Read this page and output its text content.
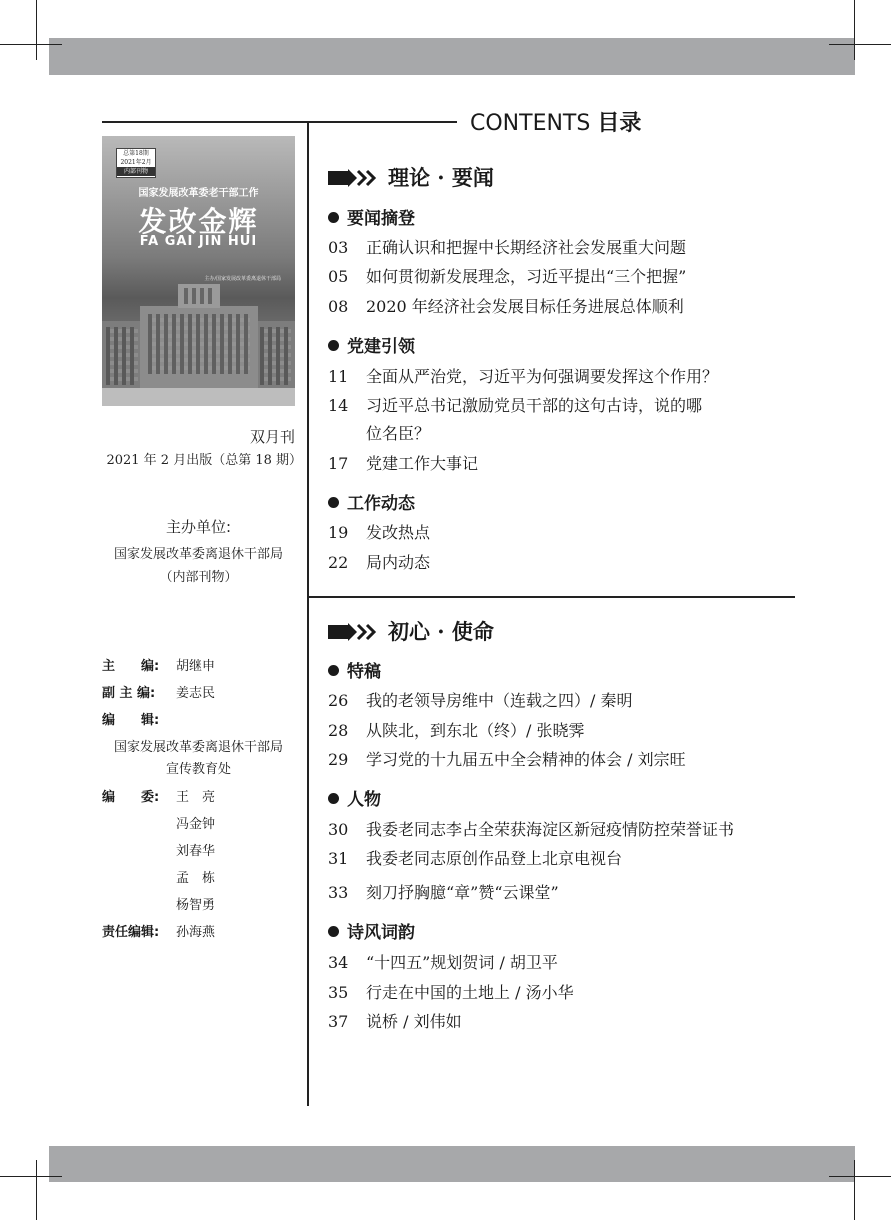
CONTENTS 目录
总第18期
2021年2月
内部刊物
国家发展改革委老干部工作
发改金辉
FA GAI JIN HUI
主办/国家发展改革委离退休干部局
双月刊
2021 年 2 月出版（总第 18 期）
主办单位:
国家发展改革委离退休干部局
（内部刊物）
主　　编: 胡继申
副 主 编: 姜志民
编　　辑:
国家发展改革委离退休干部局
宣传教育处
编　　委: 王　亮
冯金钟
刘春华
孟　栋
杨智勇
责任编辑: 孙海燕
理论 · 要闻
要闻摘登
03 正确认识和把握中长期经济社会发展重大问题
05 如何贯彻新发展理念，习近平提出“三个把握”
08 2020 年经济社会发展目标任务进展总体顺利
党建引领
11 全面从严治党，习近平为何强调要发挥这个作用？
14 习近平总书记激励党员干部的这句古诗，说的哪
位名臣？
17 党建工作大事记
工作动态
19 发改热点
22 局内动态
初心 · 使命
特稿
26 我的老领导房维中（连载之四）/ 秦明
28 从陕北，到东北（终）/ 张晓霁
29 学习党的十九届五中全会精神的体会 / 刘宗旺
人物
30 我委老同志李占全荣获海淀区新冠疫情防控荣誉证书
31 我委老同志原创作品登上北京电视台
33 刻刀抒胸臆“章”赞“云课堂”
诗风词韵
34 “十四五”规划贺词 / 胡卫平
35 行走在中国的土地上 / 汤小华
37 说桥 / 刘伟如
